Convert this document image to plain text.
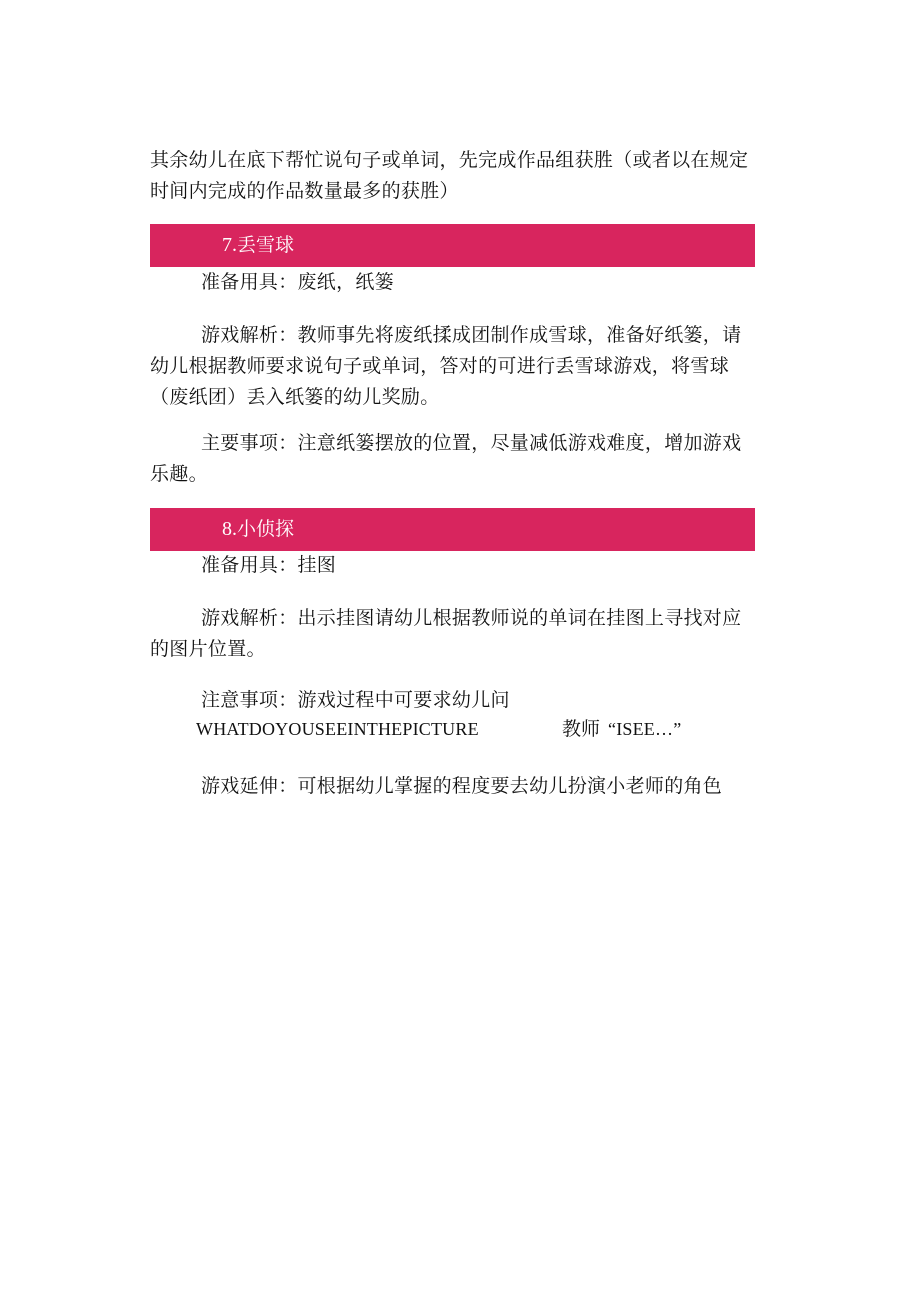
其余幼儿在底下帮忙说句子或单词，先完成作品组获胜（或者以在规定时间内完成的作品数量最多的获胜）

7.丢雪球

准备用具：废纸，纸篓

游戏解析：教师事先将废纸揉成团制作成雪球，准备好纸篓，请幼儿根据教师要求说句子或单词，答对的可进行丢雪球游戏，将雪球（废纸团）丢入纸篓的幼儿奖励。

主要事项：注意纸篓摆放的位置，尽量减低游戏难度，增加游戏乐趣。

8.小侦探

准备用具：挂图

游戏解析：出示挂图请幼儿根据教师说的单词在挂图上寻找对应的图片位置。

注意事项：游戏过程中可要求幼儿问

WHATDOYOUSEEINTHEPICTURE	教师 “ISEE…”

游戏延伸：可根据幼儿掌握的程度要去幼儿扮演小老师的角色
